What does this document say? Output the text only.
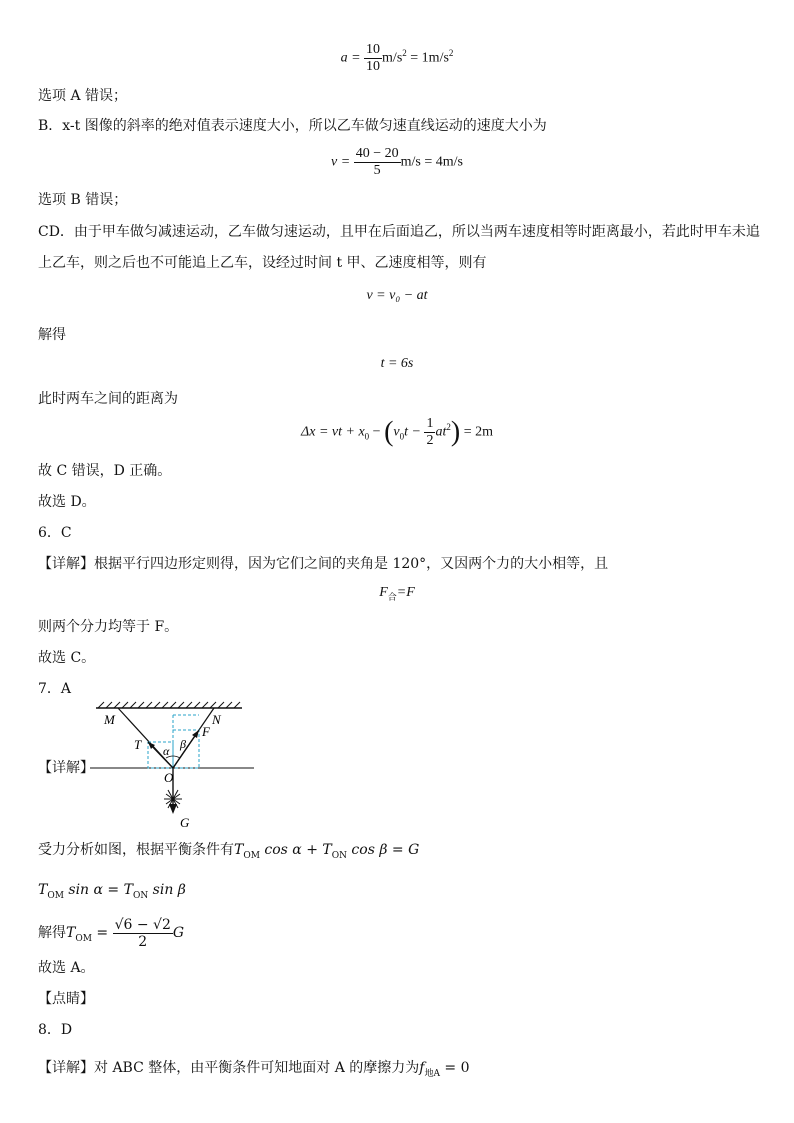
$a = \frac{10}{10} m/s^2 = 1m/s^2$
选项 A 错误；
B．x-t 图像的斜率的绝对值表示速度大小，所以乙车做匀速直线运动的速度大小为
$v = \frac{40 - 20}{5} m/s = 4m/s$
选项 B 错误；
CD．由于甲车做匀减速运动，乙车做匀速运动，且甲在后面追乙，所以当两车速度相等时距离最小，若此时甲车未追
上乙车，则之后也不可能追上乙车，设经过时间 t 甲、乙速度相等，则有
v = v₀ − at
解得
t = 6s
此时两车之间的距离为
Δx = vt + $x_0 - (v_0t - \frac{1}{2} at^2) = 2m$
故 C 错误，D 正确。
故选 D。
6．C
【详解】根据平行四边形定则得，因为它们之间的夹角是 120°，又因两个力的大小相等，且
$F_合=F$
则两个分力均等于 F。
故选 C。
7．A
【详解】
M	N
T
F
O
G
α β
受力分析如图，根据平衡条件有$T_{OM}$ $\cos \alpha + T_{ON}$ cos β = G
$T_{OM}$ $\sin \alpha = T_{ON}$ sin β
解得$T_{OM} = \frac{√6 - √2}{2}$ G
故选 A。
【点睛】
8．D
【详解】对 ABC 整体，由平衡条件可知地面对 A 的摩擦力为$f_{地A} = 0$
